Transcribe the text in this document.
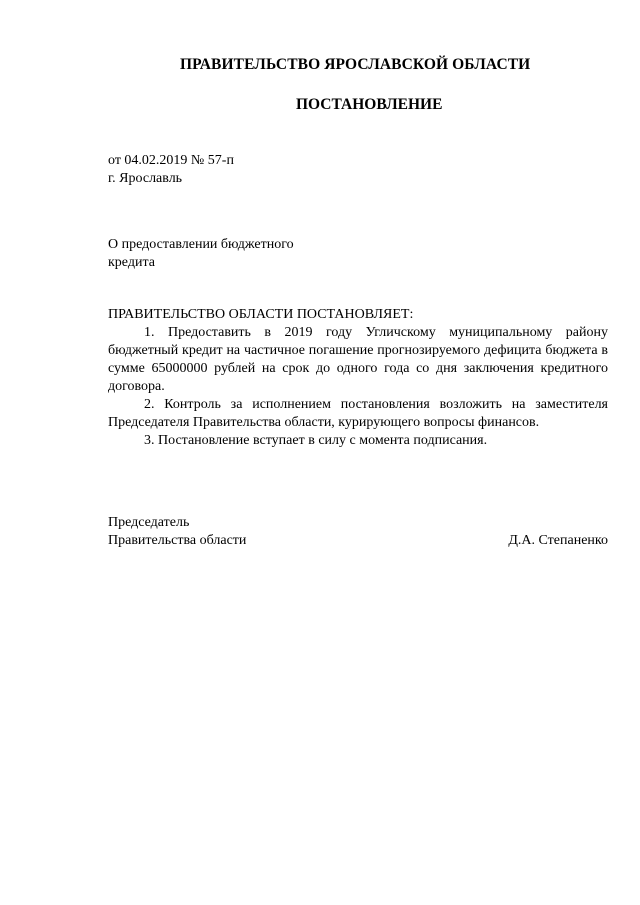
ПРАВИТЕЛЬСТВО ЯРОСЛАВСКОЙ ОБЛАСТИ
ПОСТАНОВЛЕНИЕ
от 04.02.2019 № 57-п
г. Ярославль
О предоставлении бюджетного
кредита
ПРАВИТЕЛЬСТВО ОБЛАСТИ ПОСТАНОВЛЯЕТ:

1. Предоставить в 2019 году Угличскому муниципальному району бюджетный кредит на частичное погашение прогнозируемого дефицита бюджета в сумме 65000000 рублей на срок до одного года со дня заключения кредитного договора.

2. Контроль за исполнением постановления возложить на заместителя Председателя Правительства области, курирующего вопросы финансов.

3. Постановление вступает в силу с момента подписания.

Председатель
Правительства области	Д.А. Степаненко
